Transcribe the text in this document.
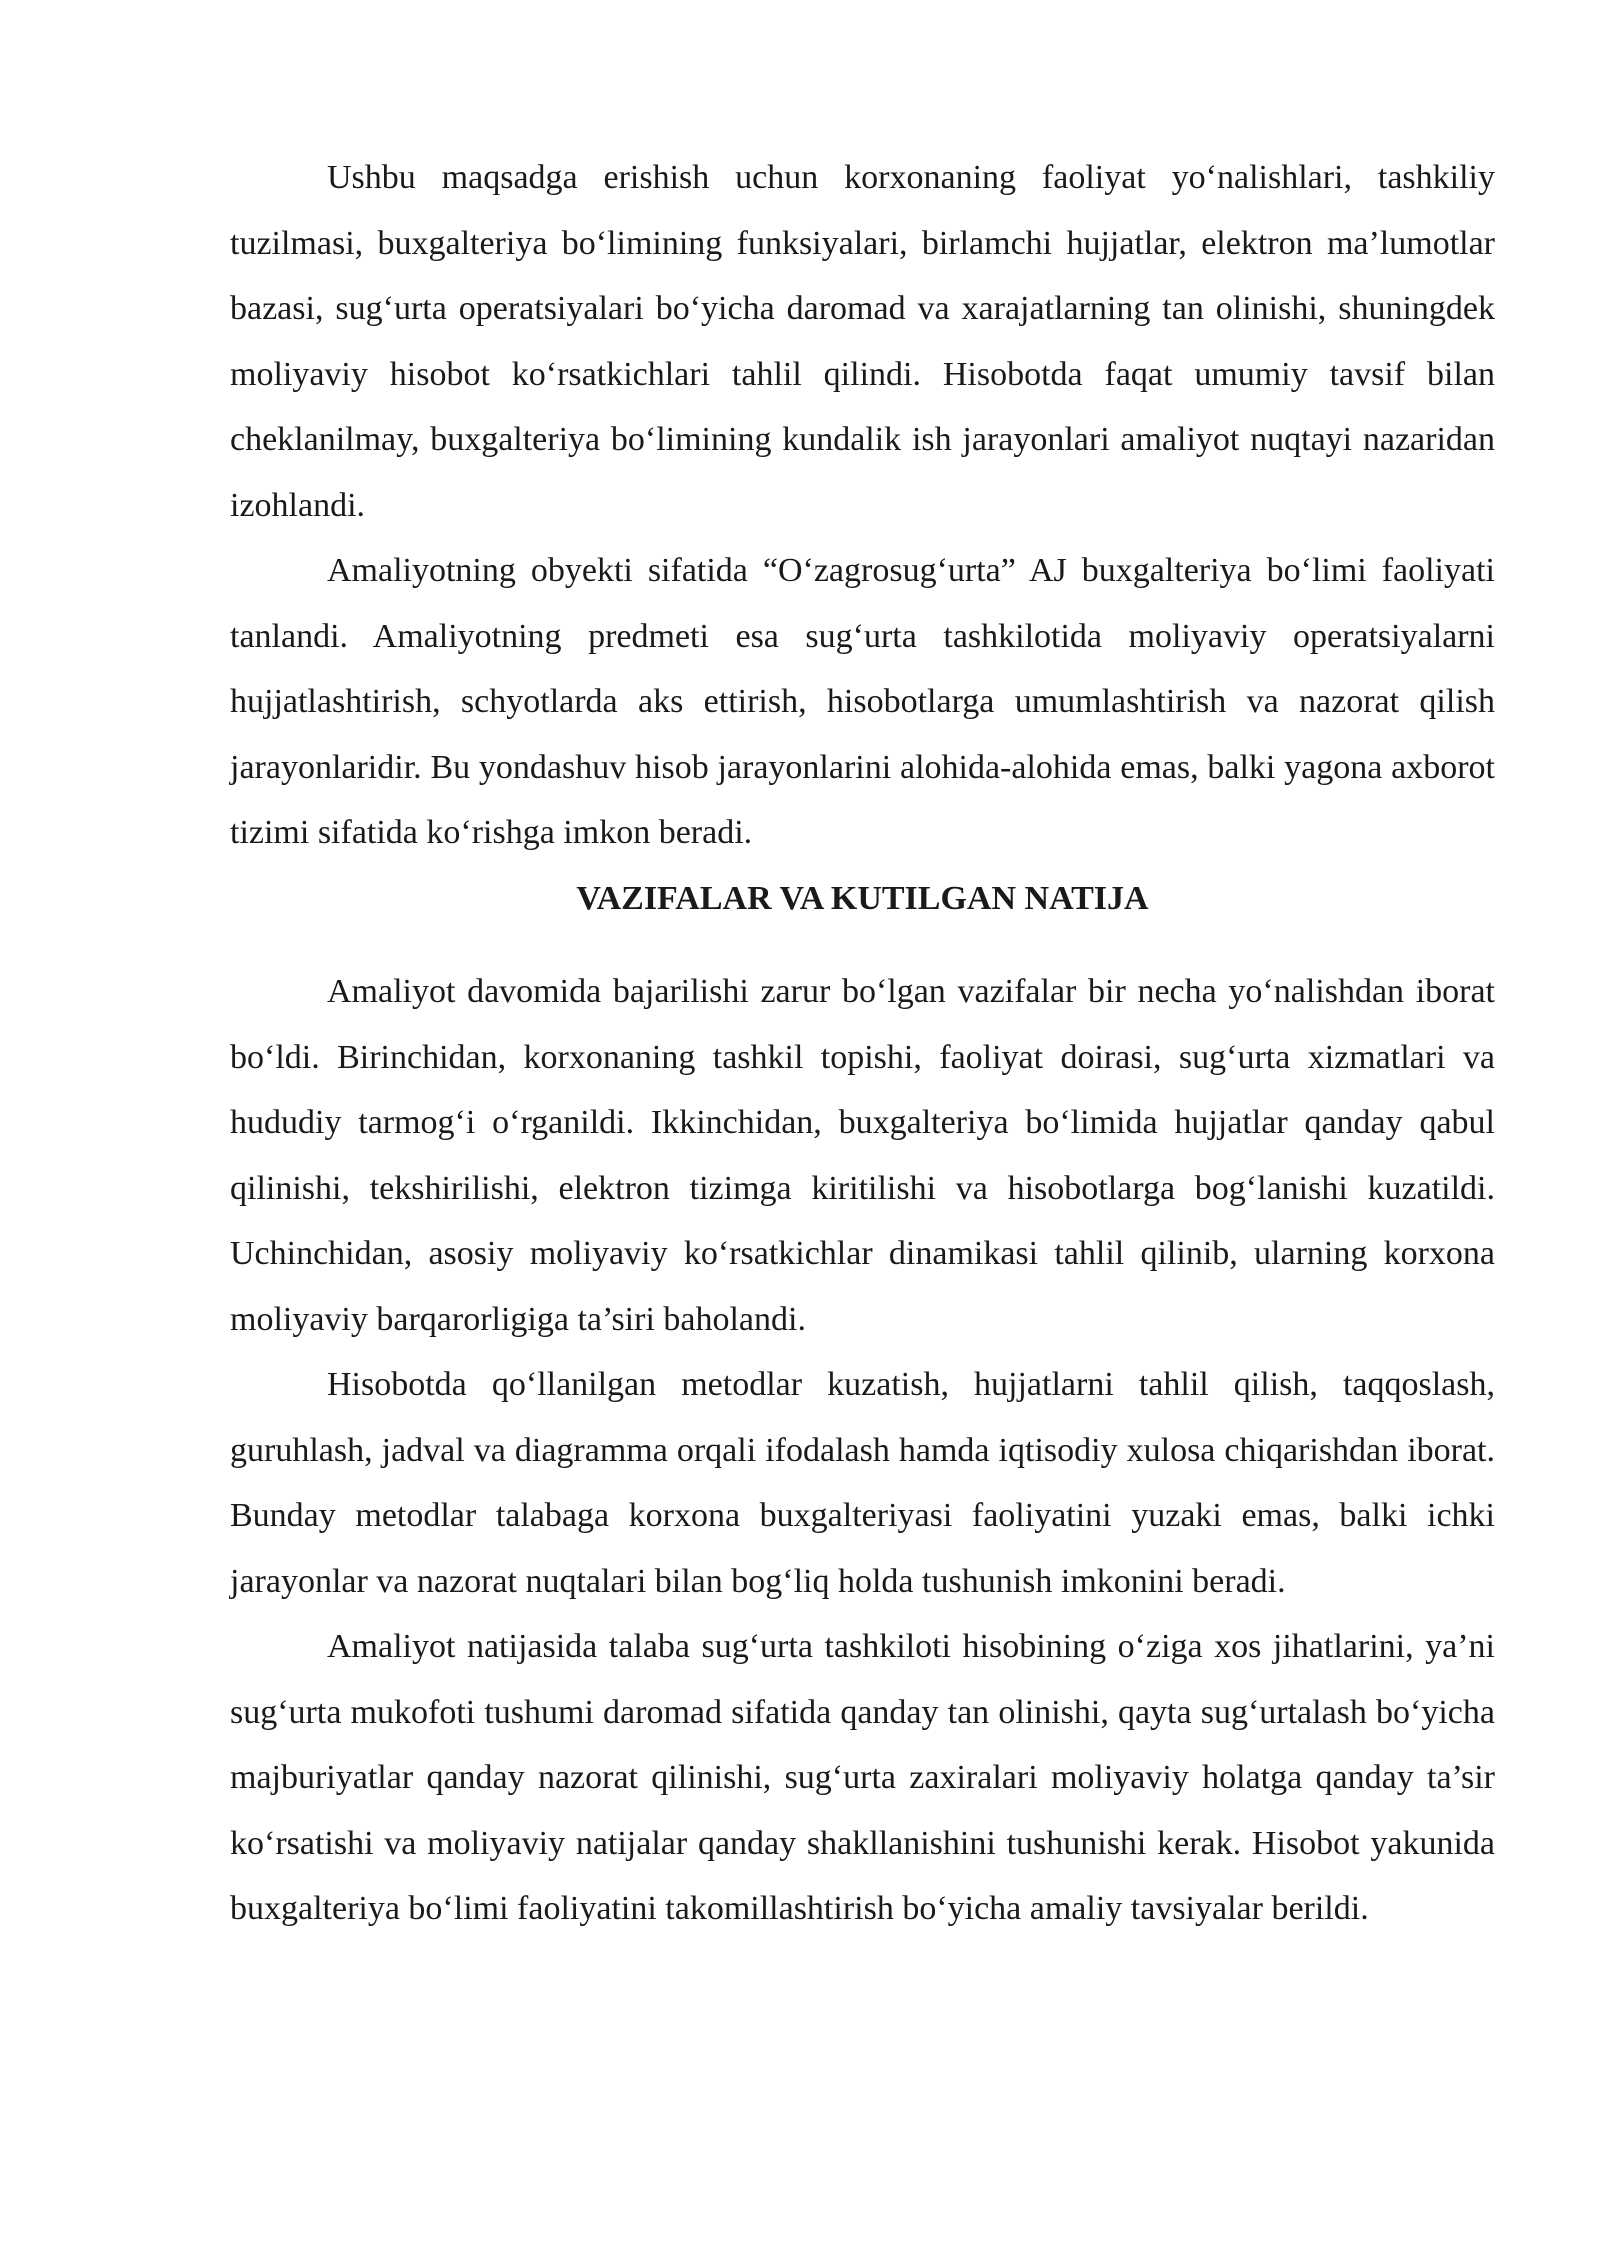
Ushbu maqsadga erishish uchun korxonaning faoliyat yo‘nalishlari, tashkiliy tuzilmasi, buxgalteriya bo‘limining funksiyalari, birlamchi hujjatlar, elektron ma’lumotlar bazasi, sug‘urta operatsiyalari bo‘yicha daromad va xarajatlarning tan olinishi, shuningdek moliyaviy hisobot ko‘rsatkichlari tahlil qilindi. Hisobotda faqat umumiy tavsif bilan cheklanilmay, buxgalteriya bo‘limining kundalik ish jarayonlari amaliyot nuqtayi nazaridan izohlandi.

Amaliyotning obyekti sifatida “O‘zagrosug‘urta” AJ buxgalteriya bo‘limi faoliyati tanlandi. Amaliyotning predmeti esa sug‘urta tashkilotida moliyaviy operatsiyalarni hujjatlashtirish, schyotlarda aks ettirish, hisobotlarga umumlashtirish va nazorat qilish jarayonlaridir. Bu yondashuv hisob jarayonlarini alohida-alohida emas, balki yagona axborot tizimi sifatida ko‘rishga imkon beradi.

VAZIFALAR VA KUTILGAN NATIJA

Amaliyot davomida bajarilishi zarur bo‘lgan vazifalar bir necha yo‘nalishdan iborat bo‘ldi. Birinchidan, korxonaning tashkil topishi, faoliyat doirasi, sug‘urta xizmatlari va hududiy tarmog‘i o‘rganildi. Ikkinchidan, buxgalteriya bo‘limida hujjatlar qanday qabul qilinishi, tekshirilishi, elektron tizimga kiritilishi va hisobotlarga bog‘lanishi kuzatildi. Uchinchidan, asosiy moliyaviy ko‘rsatkichlar dinamikasi tahlil qilinib, ularning korxona moliyaviy barqarorligiga ta’siri baholandi.

Hisobotda qo‘llanilgan metodlar kuzatish, hujjatlarni tahlil qilish, taqqoslash, guruhlash, jadval va diagramma orqali ifodalash hamda iqtisodiy xulosa chiqarishdan iborat. Bunday metodlar talabaga korxona buxgalteriyasi faoliyatini yuzaki emas, balki ichki jarayonlar va nazorat nuqtalari bilan bog‘liq holda tushunish imkonini beradi.

Amaliyot natijasida talaba sug‘urta tashkiloti hisobining o‘ziga xos jihatlarini, ya’ni sug‘urta mukofoti tushumi daromad sifatida qanday tan olinishi, qayta sug‘urtalash bo‘yicha majburiyatlar qanday nazorat qilinishi, sug‘urta zaxiralari moliyaviy holatga qanday ta’sir ko‘rsatishi va moliyaviy natijalar qanday shakllanishini tushunishi kerak. Hisobot yakunida buxgalteriya bo‘limi faoliyatini takomillashtirish bo‘yicha amaliy tavsiyalar berildi.
